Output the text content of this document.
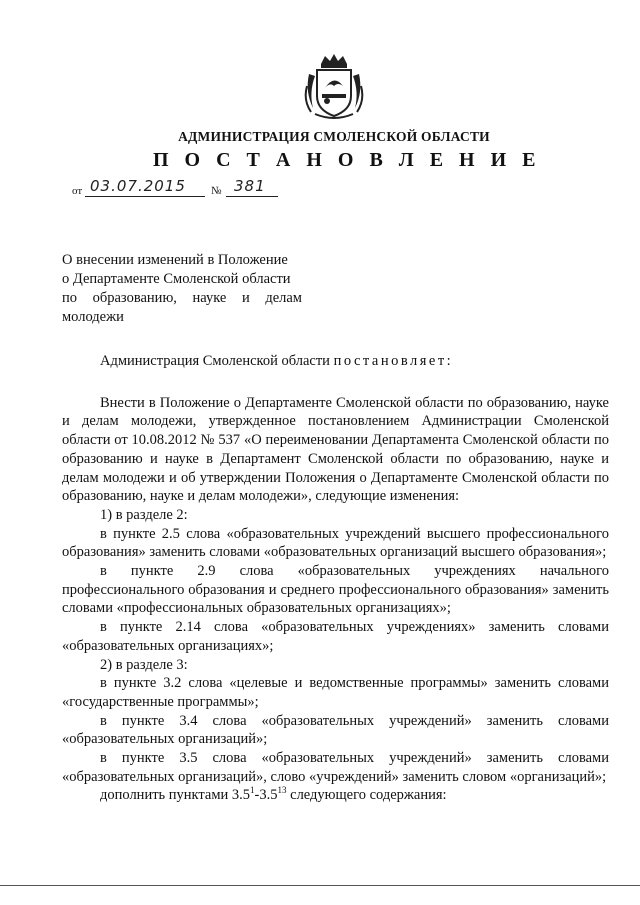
АДМИНИСТРАЦИЯ СМОЛЕНСКОЙ ОБЛАСТИ
П О С Т А Н О В Л Е Н И Е
от 03.07.2015 № 381
О внесении изменений в Положение
о Департаменте Смоленской области
по образованию, науке и делам
молодежи

Администрация Смоленской области постановляет:

Внести в Положение о Департаменте Смоленской области по образованию, науке и делам молодежи, утвержденное постановлением Администрации Смоленской области от 10.08.2012 № 537 «О переименовании Департамента Смоленской области по образованию и науке в Департамент Смоленской области по образованию, науке и делам молодежи и об утверждении Положения о Департаменте Смоленской области по образованию, науке и делам молодежи», следующие изменения:

1) в разделе 2:

в пункте 2.5 слова «образовательных учреждений высшего профессионального образования» заменить словами «образовательных организаций высшего образования»;

в пункте 2.9 слова «образовательных учреждениях начального профессионального образования и среднего профессионального образования» заменить словами «профессиональных образовательных организациях»;

в пункте 2.14 слова «образовательных учреждениях» заменить словами «образовательных организациях»;

2) в разделе 3:

в пункте 3.2 слова «целевые и ведомственные программы» заменить словами «государственные программы»;

в пункте 3.4 слова «образовательных учреждений» заменить словами «образовательных организаций»;

в пункте 3.5 слова «образовательных учреждений» заменить словами «образовательных организаций», слово «учреждений» заменить словом «организаций»;

дополнить пунктами $3.5^1-3.5^{13}$ следующего содержания:
